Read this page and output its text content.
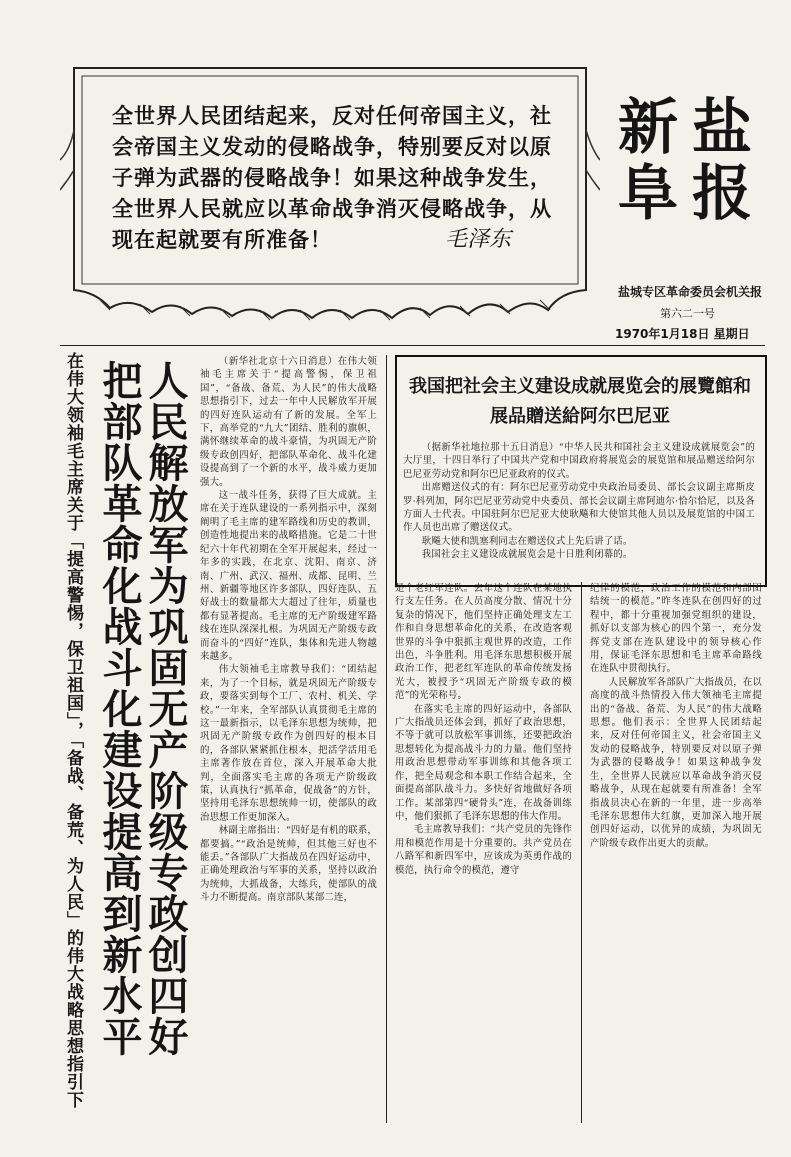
全世界人民团结起来，反对任何帝国主义，社会帝国主义发动的侵略战争，特别要反对以原子弹为武器的侵略战争！如果这种战争发生，全世界人民就应以革命战争消灭侵略战争，从现在起就要有所准备！	毛泽东
新盐阜报
盐城专区革命委员会机关报
第六二一号
1970年1月18日 星期日
在伟大领袖毛主席关于「提高警惕，保卫祖国」，「备战、备荒、为人民」的伟大战略思想指引下	人民解放军为巩固无产阶级专政创四好 把部队革命化战斗化建设提高到新水平	（新华社北京十六日消息）在伟大领袖毛主席关于“提高警惕，保卫祖国”，“备战、备荒、为人民”的伟大战略思想指引下，过去一年中人民解放军开展的四好连队运动有了新的发展。全军上下，高举党的“九大”团结、胜利的旗帜，满怀继续革命的战斗豪情，为巩固无产阶级专政创四好，把部队革命化、战斗化建设提高到了一个新的水平，战斗威力更加强大。

这一战斗任务，获得了巨大成就。主席在关于连队建设的一系列指示中，深刻阐明了毛主席的建军路线和历史的教训，创造性地提出来的战略措施。它是二十世纪六十年代初期在全军开展起来，经过一年多的实践，在北京、沈阳、南京、济南、广州、武汉、福州、成都、昆明、兰州、新疆等地区许多部队，四好连队、五好战士的数量都大大超过了往年，质量也都有显著提高。毛主席的无产阶级建军路线在连队深深扎根。为巩固无产阶级专政而奋斗的“四好”连队，集体和先进人物越来越多。

伟大领袖毛主席教导我们：“团结起来，为了一个目标，就是巩固无产阶级专政，要落实到每个工厂、农村、机关、学校。”一年来，全军部队认真贯彻毛主席的这一最新指示，以毛泽东思想为统帅，把巩固无产阶级专政作为创四好的根本目的，各部队紧紧抓住根本，把活学活用毛主席著作放在首位，深入开展革命大批判，全面落实毛主席的各项无产阶级政策，认真执行“抓革命，促战备”的方针，坚持用毛泽东思想统帅一切，使部队的政治思想工作更加深入。

林副主席指出：“四好是有机的联系，都要搞。”“政治是统帅，但其他三好也不能丢。”各部队广大指战员在四好运动中，正确处理政治与军事的关系，坚持以政治为统帅，大抓战备，大练兵，使部队的战斗力不断提高。南京部队某部二连，

我国把社会主义建设成就展览会的展覽館和展品贈送給阿尔巴尼亚

（据新华社地拉那十五日消息）“中华人民共和国社会主义建设成就展览会”的大厅里，十四日举行了中国共产党和中国政府将展览会的展览馆和展品赠送给阿尔巴尼亚劳动党和阿尔巴尼亚政府的仪式。

出席赠送仪式的有：阿尔巴尼亚劳动党中央政治局委员、部长会议副主席斯皮罗·科列加，阿尔巴尼亚劳动党中央委员、部长会议副主席阿迪尔·恰尔恰尼，以及各方面人士代表。中国驻阿尔巴尼亚大使耿飚和大使馆其他人员以及展览馆的中国工作人员也出席了赠送仪式。

耿飚大使和凯塞利同志在赠送仪式上先后讲了话。

我国社会主义建设成就展览会是十日胜利闭幕的。

是个老红军连队。去年这个连队在某地执行支左任务。在人员高度分散、情况十分复杂的情况下，他们坚持正确处理支左工作和自身思想革命化的关系，在改造客观世界的斗争中狠抓主观世界的改造，工作出色，斗争胜利。用毛泽东思想积极开展政治工作，把老红军连队的革命传统发扬光大，被授予“巩固无产阶级专政的模范”的光荣称号。

在落实毛主席的四好运动中，各部队广大指战员还体会到，抓好了政治思想，不等于就可以放松军事训练，还要把政治思想转化为提高战斗力的力量。他们坚持用政治思想带动军事训练和其他各项工作，把全局观念和本职工作结合起来，全面提高部队战斗力。多快好省地做好各项工作。某部第四“硬骨头”连，在战备训练中，他们狠抓了毛泽东思想的伟大作用。

毛主席教导我们：“共产党员的先锋作用和模范作用是十分重要的。共产党员在八路军和新四军中，应该成为英勇作战的模范，执行命令的模范，遵守

纪律的模范，政治工作的模范和内部团结统一的模范。”昨冬连队在创四好的过程中，都十分重视加强党组织的建设，抓好以支部为核心的四个第一，充分发挥党支部在连队建设中的领导核心作用，保证毛泽东思想和毛主席革命路线在连队中贯彻执行。

人民解放军各部队广大指战员，在以高度的战斗热情投入伟大领袖毛主席提出的“备战、备荒、为人民”的伟大战略思想。他们表示：全世界人民团结起来，反对任何帝国主义，社会帝国主义发动的侵略战争，特别要反对以原子弹为武器的侵略战争！如果这种战争发生，全世界人民就应以革命战争消灭侵略战争，从现在起就要有所准备！全军指战员决心在新的一年里，进一步高举毛泽东思想伟大红旗，更加深入地开展创四好运动，以优异的成绩，为巩固无产阶级专政作出更大的贡献。
